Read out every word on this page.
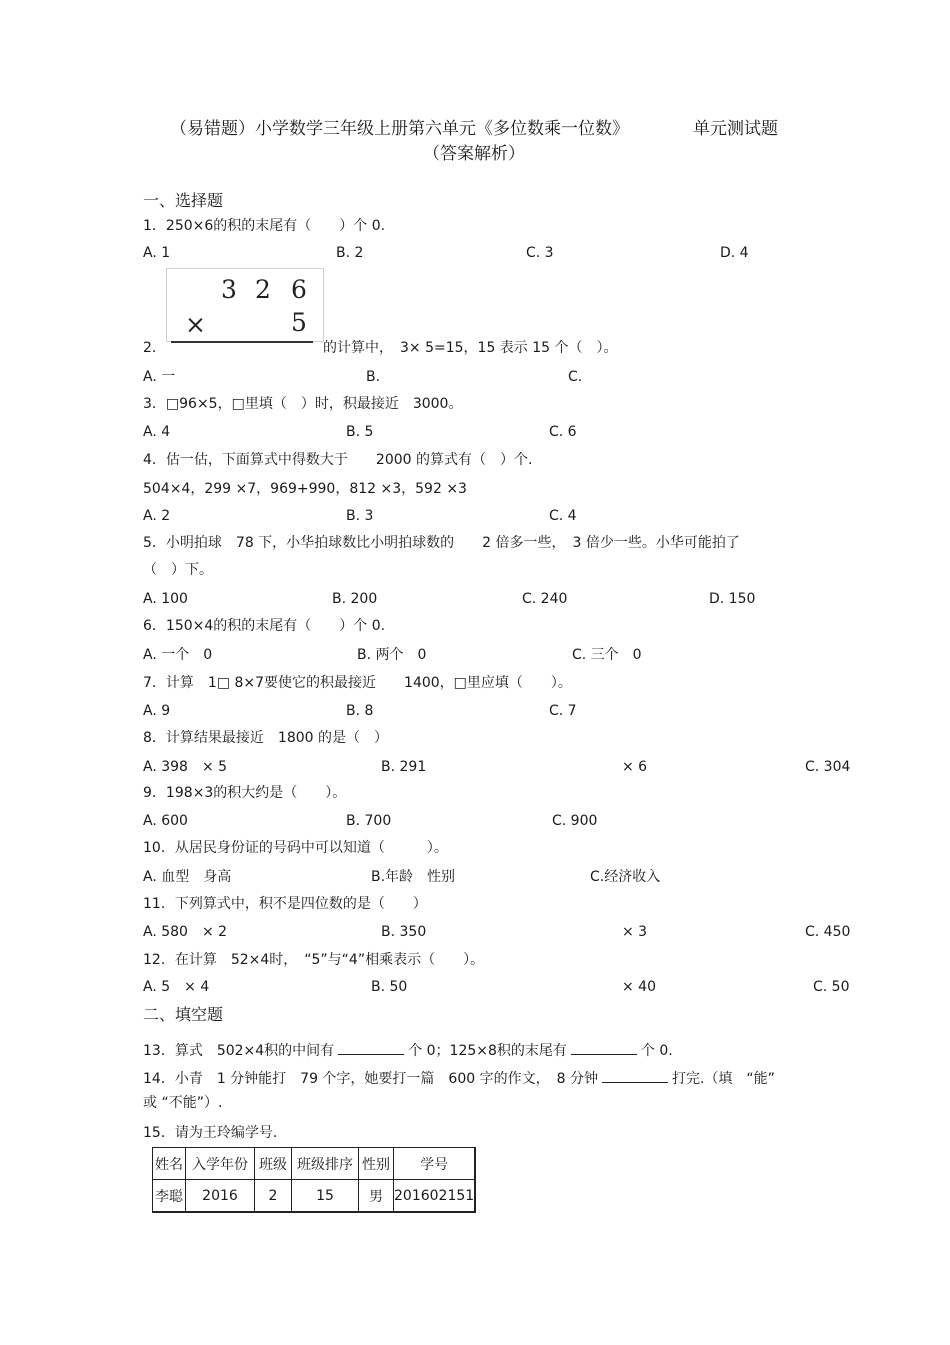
（易错题）小学数学三年级上册第六单元《多位数乘一位数》	单元测试题
（答案解析）
一、选择题
1．250×6的积的末尾有（　　）个 0.
A. 1	B. 2	C. 3	D. 4
3 2 6
×	5
2．	的计算中，　3× 5=15，15 表示 15 个（　）。
A. 一	B.	C.
3．□96×5，□里填（　）时，积最接近　3000。
A. 4	B. 5	C. 6
4．估一估，下面算式中得数大于　　2000 的算式有（　）个.
504×4，299 ×7，969+990，812 ×3，592 ×3
A. 2	B. 3	C. 4
5．小明拍球　78 下，小华拍球数比小明拍球数的　　2 倍多一些，　3 倍少一些。小华可能拍了
（　）下。
A. 100	B. 200	C. 240	D. 150
6．150×4的积的末尾有（　　）个 0.
A. 一个　0	B. 两个　0	C. 三个　0
7．计算　1□ 8×7要使它的积最接近　　1400，□里应填（　　）。
A. 9	B. 8	C. 7
8．计算结果最接近　1800 的是（　）
A. 398　× 5	B. 291	× 6	C. 304
9．198×3的积大约是（　　）。
A. 600	B. 700	C. 900
10．从居民身份证的号码中可以知道（　　　）。
A. 血型　身高	B.年龄　性别	C.经济收入
11．下列算式中，积不是四位数的是（　　）
A. 580　× 2	B. 350	× 3	C. 450
12．在计算　52×4时，　“5”与“4”相乘表示（　　）。
A. 5　× 4	B. 50	× 40	C. 50
二、填空题
13．算式　502×4积的中间有	个 0；125×8积的末尾有	个 0.
14．小青　1 分钟能打　79 个字，她要打一篇　600 字的作文，　8 分钟	打完.（填　“能”
或 “不能”）.
15．请为王玲编学号.
姓名	入学年份	班级	班级排序	性别	学号
李聪	2016	2	15	男	201602151
